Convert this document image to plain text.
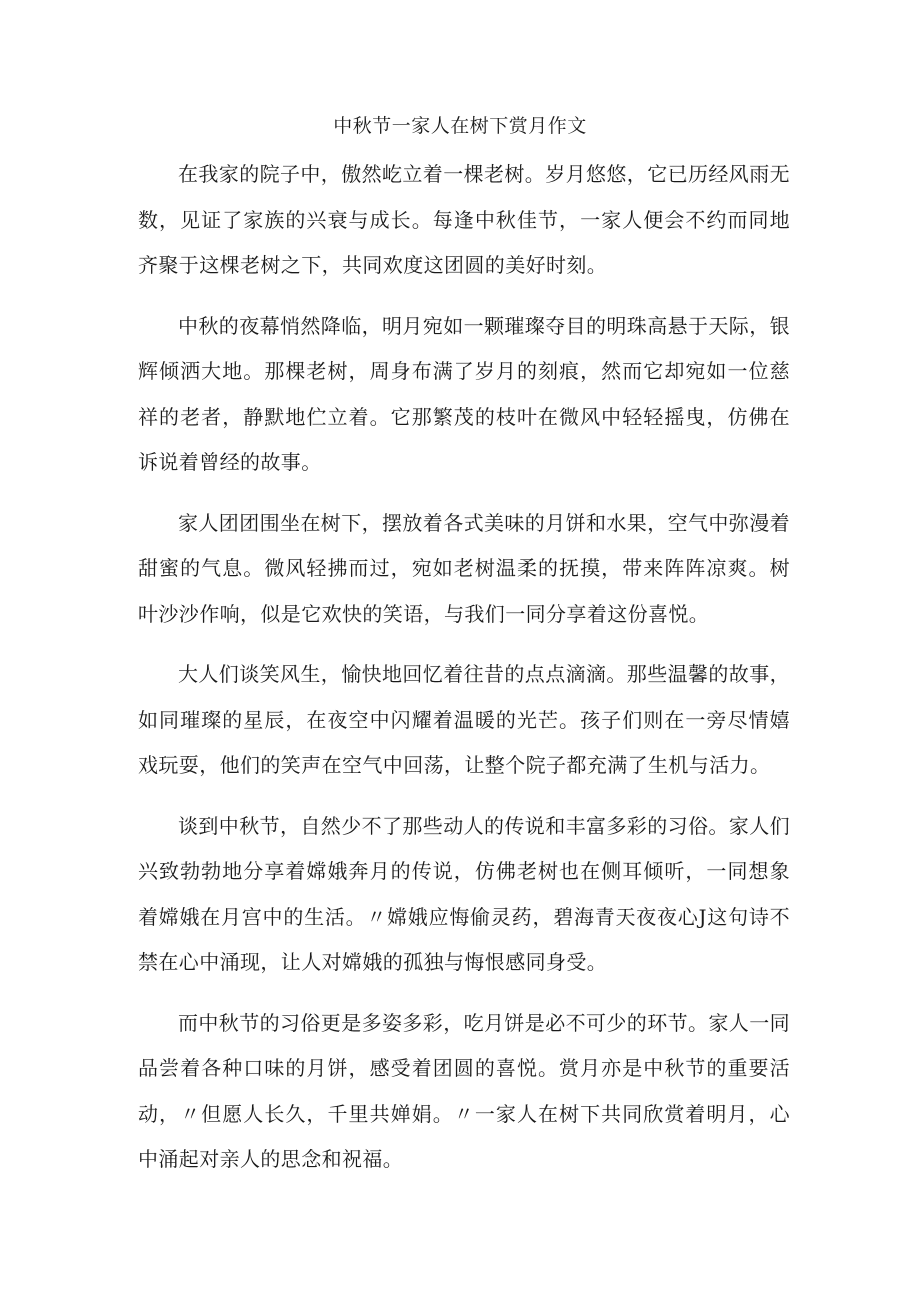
中秋节一家人在树下赏月作文

在我家的院子中，傲然屹立着一棵老树。岁月悠悠，它已历经风雨无数，见证了家族的兴衰与成长。每逢中秋佳节，一家人便会不约而同地齐聚于这棵老树之下，共同欢度这团圆的美好时刻。

中秋的夜幕悄然降临，明月宛如一颗璀璨夺目的明珠高悬于天际，银辉倾洒大地。那棵老树，周身布满了岁月的刻痕，然而它却宛如一位慈祥的老者，静默地伫立着。它那繁茂的枝叶在微风中轻轻摇曳，仿佛在诉说着曾经的故事。

家人团团围坐在树下，摆放着各式美味的月饼和水果，空气中弥漫着甜蜜的气息。微风轻拂而过，宛如老树温柔的抚摸，带来阵阵凉爽。树叶沙沙作响，似是它欢快的笑语，与我们一同分享着这份喜悦。

大人们谈笑风生，愉快地回忆着往昔的点点滴滴。那些温馨的故事，如同璀璨的星辰，在夜空中闪耀着温暖的光芒。孩子们则在一旁尽情嬉戏玩耍，他们的笑声在空气中回荡，让整个院子都充满了生机与活力。

谈到中秋节，自然少不了那些动人的传说和丰富多彩的习俗。家人们兴致勃勃地分享着嫦娥奔月的传说，仿佛老树也在侧耳倾听，一同想象着嫦娥在月宫中的生活。〃嫦娥应悔偷灵药，碧海青天夜夜心J这句诗不禁在心中涌现，让人对嫦娥的孤独与悔恨感同身受。

而中秋节的习俗更是多姿多彩，吃月饼是必不可少的环节。家人一同品尝着各种口味的月饼，感受着团圆的喜悦。赏月亦是中秋节的重要活动，〃但愿人长久，千里共婵娟。〃一家人在树下共同欣赏着明月，心中涌起对亲人的思念和祝福。
